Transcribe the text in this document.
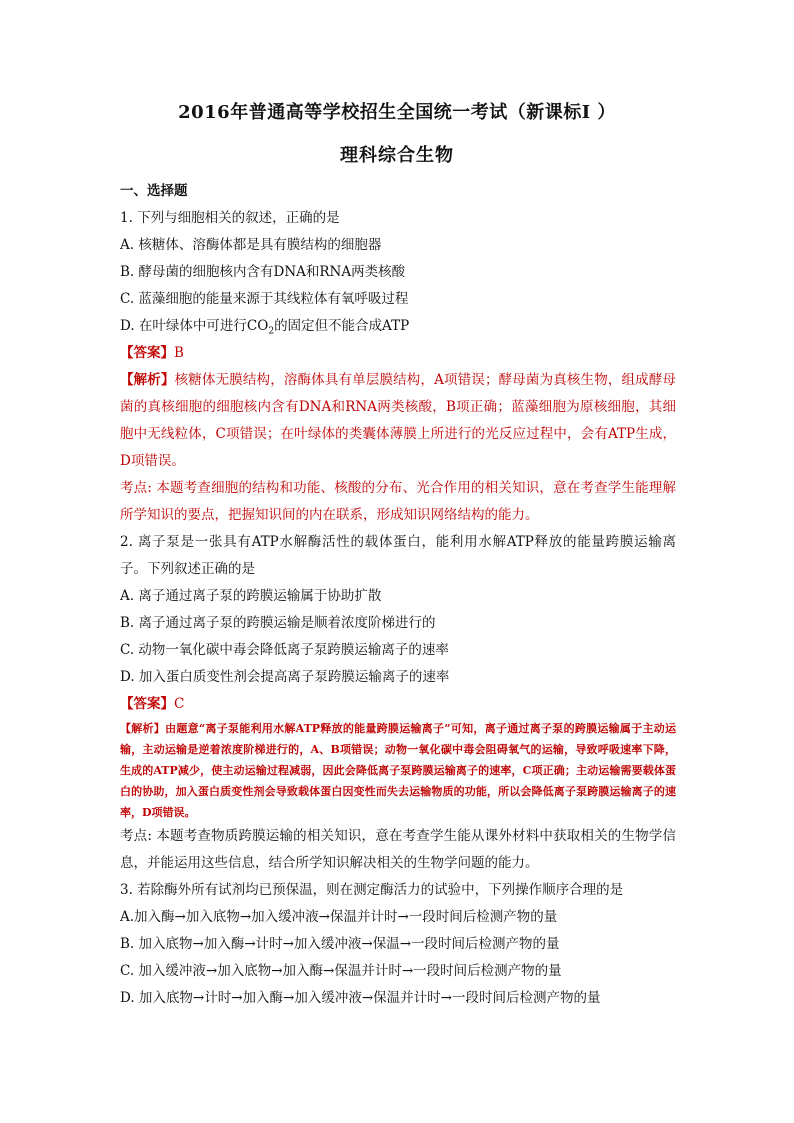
2016年普通高等学校招生全国统一考试（新课标Ⅰ ）
理科综合生物
一、选择题
1. 下列与细胞相关的叙述，正确的是
A. 核糖体、溶酶体都是具有膜结构的细胞器
B. 酵母菌的细胞核内含有DNA和RNA两类核酸
C. 蓝藻细胞的能量来源于其线粒体有氧呼吸过程
D. 在叶绿体中可进行$CO_2$的固定但不能合成ATP
【答案】B
【解析】核糖体无膜结构，溶酶体具有单层膜结构，A项错误；酵母菌为真核生物，组成酵母菌的真核细胞的细胞核内含有DNA和RNA两类核酸，B项正确；蓝藻细胞为原核细胞，其细胞中无线粒体，C项错误；在叶绿体的类囊体薄膜上所进行的光反应过程中，会有ATP生成，D项错误。
考点: 本题考查细胞的结构和功能、核酸的分布、光合作用的相关知识，意在考查学生能理解所学知识的要点，把握知识间的内在联系，形成知识网络结构的能力。
2. 离子泵是一张具有ATP水解酶活性的载体蛋白，能利用水解ATP释放的能量跨膜运输离子。下列叙述正确的是
A. 离子通过离子泵的跨膜运输属于协助扩散
B. 离子通过离子泵的跨膜运输是顺着浓度阶梯进行的
C. 动物一氧化碳中毒会降低离子泵跨膜运输离子的速率
D. 加入蛋白质变性剂会提高离子泵跨膜运输离子的速率
【答案】C
【解析】由题意“离子泵能利用水解ATP释放的能量跨膜运输离子”可知，离子通过离子泵的跨膜运输属于主动运输，主动运输是逆着浓度阶梯进行的，A、B项错误；动物一氧化碳中毒会阻碍氧气的运输，导致呼吸速率下降，生成的ATP减少，使主动运输过程减弱，因此会降低离子泵跨膜运输离子的速率，C项正确；主动运输需要载体蛋白的协助，加入蛋白质变性剂会导致载体蛋白因变性而失去运输物质的功能，所以会降低离子泵跨膜运输离子的速率，D项错误。
考点: 本题考查物质跨膜运输的相关知识，意在考查学生能从课外材料中获取相关的生物学信息，并能运用这些信息，结合所学知识解决相关的生物学问题的能力。
3. 若除酶外所有试剂均已预保温，则在测定酶活力的试验中，下列操作顺序合理的是
A.加入酶→加入底物→加入缓冲液→保温并计时→一段时间后检测产物的量
B. 加入底物→加入酶→计时→加入缓冲液→保温→一段时间后检测产物的量
C. 加入缓冲液→加入底物→加入酶→保温并计时→一段时间后检测产物的量
D. 加入底物→计时→加入酶→加入缓冲液→保温并计时→一段时间后检测产物的量
